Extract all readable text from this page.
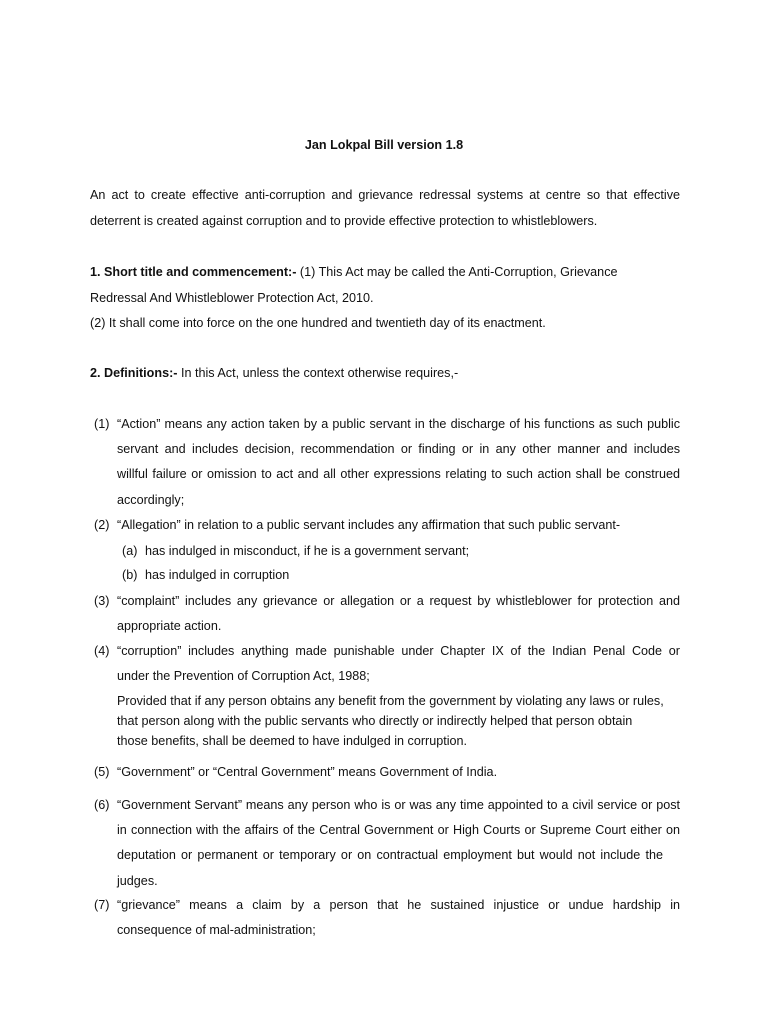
Jan Lokpal Bill version 1.8
An act to create effective anti-corruption and grievance redressal systems at centre so that effective
deterrent is created against corruption and to provide effective protection to whistleblowers.
1. Short title and commencement:- (1) This Act may be called the Anti-Corruption, Grievance
Redressal And Whistleblower Protection Act, 2010.
(2) It shall come into force on the one hundred and twentieth day of its enactment.
2. Definitions:- In this Act, unless the context otherwise requires,-
(1) “Action” means any action taken by a public servant in the discharge of his functions as such public
servant and includes decision, recommendation or finding or in any other manner and includes
willful failure or omission to act and all other expressions relating to such action shall be construed
accordingly;
(2) “Allegation” in relation to a public servant includes any affirmation that such public servant-
(a) has indulged in misconduct, if he is a government servant;
(b) has indulged in corruption
(3) “complaint” includes any grievance or allegation or a request by whistleblower for protection and
appropriate action.
(4) “corruption” includes anything made punishable under Chapter IX of the Indian Penal Code or
under the Prevention of Corruption Act, 1988;
Provided that if any person obtains any benefit from the government by violating any laws or rules,
that person along with the public servants who directly or indirectly helped that person obtain
those benefits, shall be deemed to have indulged in corruption.
(5) “Government” or “Central Government” means Government of India.
(6) “Government Servant” means any person who is or was any time appointed to a civil service or post
in connection with the affairs of the Central Government or High Courts or Supreme Court either on
deputation or permanent or temporary or on contractual employment but would not include the
judges.
(7) “grievance” means a claim by a person that he sustained injustice or undue hardship in
consequence of mal-administration;
